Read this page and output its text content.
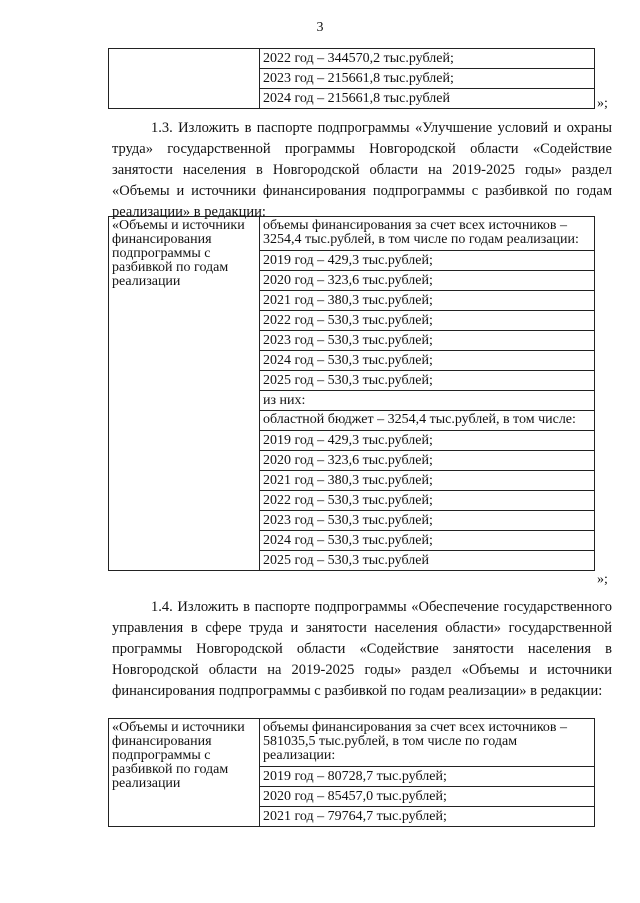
3

2022 год – 344570,2 тыс.рублей;
2023 год – 215661,8 тыс.рублей;
2024 год – 215661,8 тыс.рублей	»;

1.3. Изложить в паспорте подпрограммы «Улучшение условий и охраны труда» государственной программы Новгородской области «Содействие занятости населения в Новгородской области на 2019-2025 годы» раздел «Объемы и источники финансирования подпрограммы с разбивкой по годам реализации» в редакции:

«Объемы и источники финансирования подпрограммы с разбивкой по годам реализации	
объемы финансирования за счет всех источников – 3254,4 тыс.рублей, в том числе по годам реализации:
2019 год – 429,3 тыс.рублей;
2020 год – 323,6 тыс.рублей;
2021 год – 380,3 тыс.рублей;
2022 год – 530,3 тыс.рублей;
2023 год – 530,3 тыс.рублей;
2024 год – 530,3 тыс.рублей;
2025 год – 530,3 тыс.рублей;
из них:
областной бюджет – 3254,4 тыс.рублей, в том числе:
2019 год – 429,3 тыс.рублей;
2020 год – 323,6 тыс.рублей;
2021 год – 380,3 тыс.рублей;
2022 год – 530,3 тыс.рублей;
2023 год – 530,3 тыс.рублей;
2024 год – 530,3 тыс.рублей;
2025 год – 530,3 тыс.рублей
»;

1.4. Изложить в паспорте подпрограммы «Обеспечение государственного управления в сфере труда и занятости населения области» государственной программы Новгородской области «Содействие занятости населения в Новгородской области на 2019-2025 годы» раздел «Объемы и источники финансирования подпрограммы с разбивкой по годам реализации» в редакции:

«Объемы и источники финансирования подпрограммы с разбивкой по годам реализации	
объемы финансирования за счет всех источников – 581035,5 тыс.рублей, в том числе по годам реализации:
2019 год – 80728,7 тыс.рублей;
2020 год – 85457,0 тыс.рублей;
2021 год – 79764,7 тыс.рублей;
